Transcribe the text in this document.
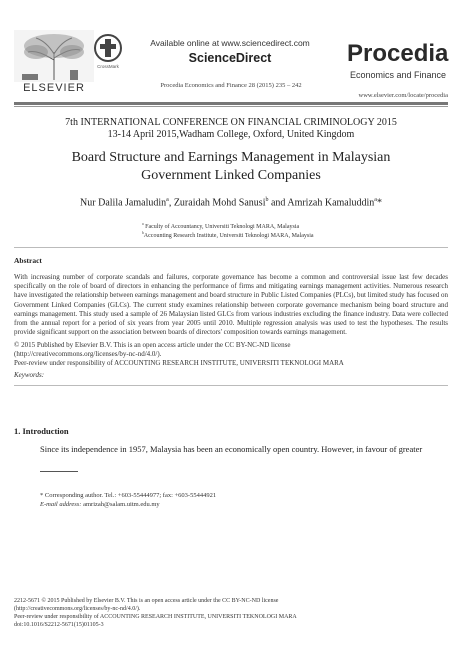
ELSEVIER
CrossMark
Available online at www.sciencedirect.com
ScienceDirect
Procedia Economics and Finance 28 (2015) 235 – 242
Procedia
Economics and Finance
www.elsevier.com/locate/procedia
7th INTERNATIONAL CONFERENCE ON FINANCIAL CRIMINOLOGY 2015
13-14 April 2015,Wadham College, Oxford, United Kingdom
Board Structure and Earnings Management in Malaysian
Government Linked Companies
Nur Dalila Jamaludin$^a$, Zuraidah Mohd Sanusi$^b$ and Amrizah Kamaluddin$^a$*
$^a$ Faculty of Accountancy, Universiti Teknologi MARA, Malaysia
$^b$Accounting Research Institute, Universiti Teknologi MARA, Malaysia
Abstract
With increasing number of corporate scandals and failures, corporate governance has become a common and controversial issue last few decades specifically on the role of board of directors in enhancing the performance of firms and mitigating earnings management activities. Numerous research have investigated the relationship between earnings management and board structure in Public Listed Companies (PLCs), but limited study has focused on Government Linked Companies (GLCs). The current study examines relationship between corporate governance mechanism being board structure and earnings management. This study used a sample of 26 Malaysian listed GLCs from various industries excluding the finance industry. Data were collected from the annual report for a period of six years from year 2005 until 2010. Multiple regression analysis was used to test the hypotheses. The results provide significant support on the association between boards of directors' composition towards earnings management.
© 2015 Published by Elsevier B.V. This is an open access article under the CC BY-NC-ND license
(http://creativecommons.org/licenses/by-nc-nd/4.0/).
Peer-review under responsibility of ACCOUNTING RESEARCH INSTITUTE, UNIVERSITI TEKNOLOGI MARA
Keywords:
1. Introduction
Since its independence in 1957, Malaysia has been an economically open country. However, in favour of greater
* Corresponding author. Tel.: +603-55444977; fax: +603-55444921
E-mail address: amrizah@salam.uitm.edu.my
2212-5671 © 2015 Published by Elsevier B.V. This is an open access article under the CC BY-NC-ND license
(http://creativecommons.org/licenses/by-nc-nd/4.0/).
Peer-review under responsibility of ACCOUNTING RESEARCH INSTITUTE, UNIVERSITI TEKNOLOGI MARA
doi:10.1016/S2212-5671(15)01105-3
